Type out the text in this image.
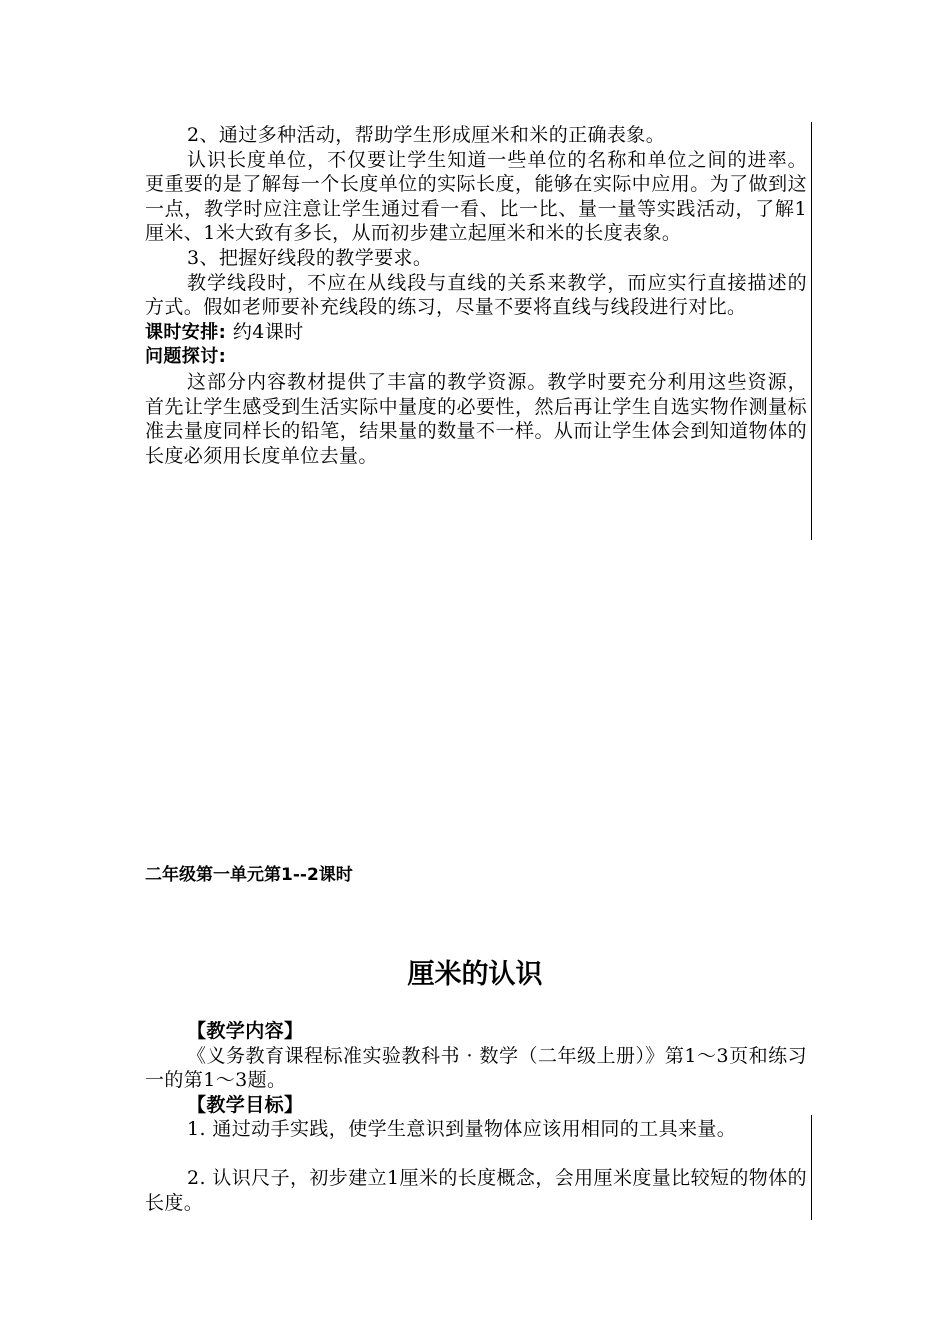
2、通过多种活动，帮助学生形成厘米和米的正确表象。

认识长度单位，不仅要让学生知道一些单位的名称和单位之间的进率。更重要的是了解每一个长度单位的实际长度，能够在实际中应用。为了做到这一点，教学时应注意让学生通过看一看、比一比、量一量等实践活动，了解1厘米、1米大致有多长，从而初步建立起厘米和米的长度表象。

3、把握好线段的教学要求。

教学线段时，不应在从线段与直线的关系来教学，而应实行直接描述的方式。假如老师要补充线段的练习，尽量不要将直线与线段进行对比。

课时安排: 约4课时

问题探讨:

这部分内容教材提供了丰富的教学资源。教学时要充分利用这些资源，首先让学生感受到生活实际中量度的必要性，然后再让学生自选实物作测量标准去量度同样长的铅笔，结果量的数量不一样。从而让学生体会到知道物体的长度必须用长度单位去量。

二年级第一单元第1--2课时
厘米的认识

【教学内容】

《义务教育课程标准实验教科书 · 数学（二年级上册）》第1～3页和练习一的第1～3题。

【教学目标】

1. 通过动手实践，使学生意识到量物体应该用相同的工具来量。

2. 认识尺子，初步建立1厘米的长度概念，会用厘米度量比较短的物体的长度。
